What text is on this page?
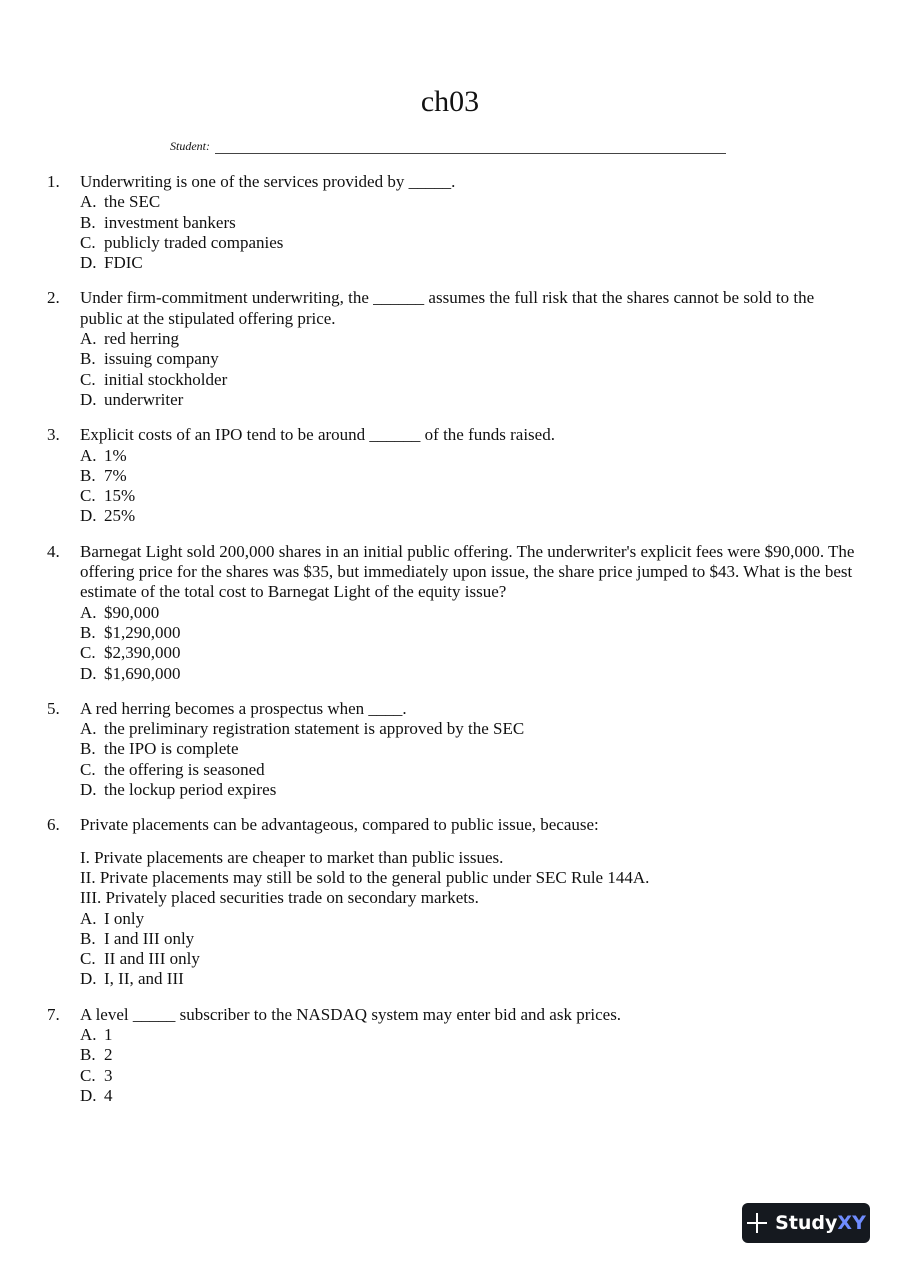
ch03
Student:
1.	Underwriting is one of the services provided by _____.
A. the SEC
B. investment bankers
C. publicly traded companies
D. FDIC
2.	Under firm-commitment underwriting, the ______ assumes the full risk that the shares cannot be sold to the public at the stipulated offering price.
A. red herring
B. issuing company
C. initial stockholder
D. underwriter
3.	Explicit costs of an IPO tend to be around ______ of the funds raised.
A. 1%
B. 7%
C. 15%
D. 25%
4.	Barnegat Light sold 200,000 shares in an initial public offering. The underwriter's explicit fees were $90,000. The offering price for the shares was $35, but immediately upon issue, the share price jumped to $43. What is the best estimate of the total cost to Barnegat Light of the equity issue?
A. $90,000
B. $1,290,000
C. $2,390,000
D. $1,690,000
5.	A red herring becomes a prospectus when ____.
A. the preliminary registration statement is approved by the SEC
B. the IPO is complete
C. the offering is seasoned
D. the lockup period expires
6.	Private placements can be advantageous, compared to public issue, because:
I. Private placements are cheaper to market than public issues.
II. Private placements may still be sold to the general public under SEC Rule 144A.
III. Privately placed securities trade on secondary markets.
A. I only
B. I and III only
C. II and III only
D. I, II, and III
7.	A level _____ subscriber to the NASDAQ system may enter bid and ask prices.
A. 1
B. 2
C. 3
D. 4
Study XY
